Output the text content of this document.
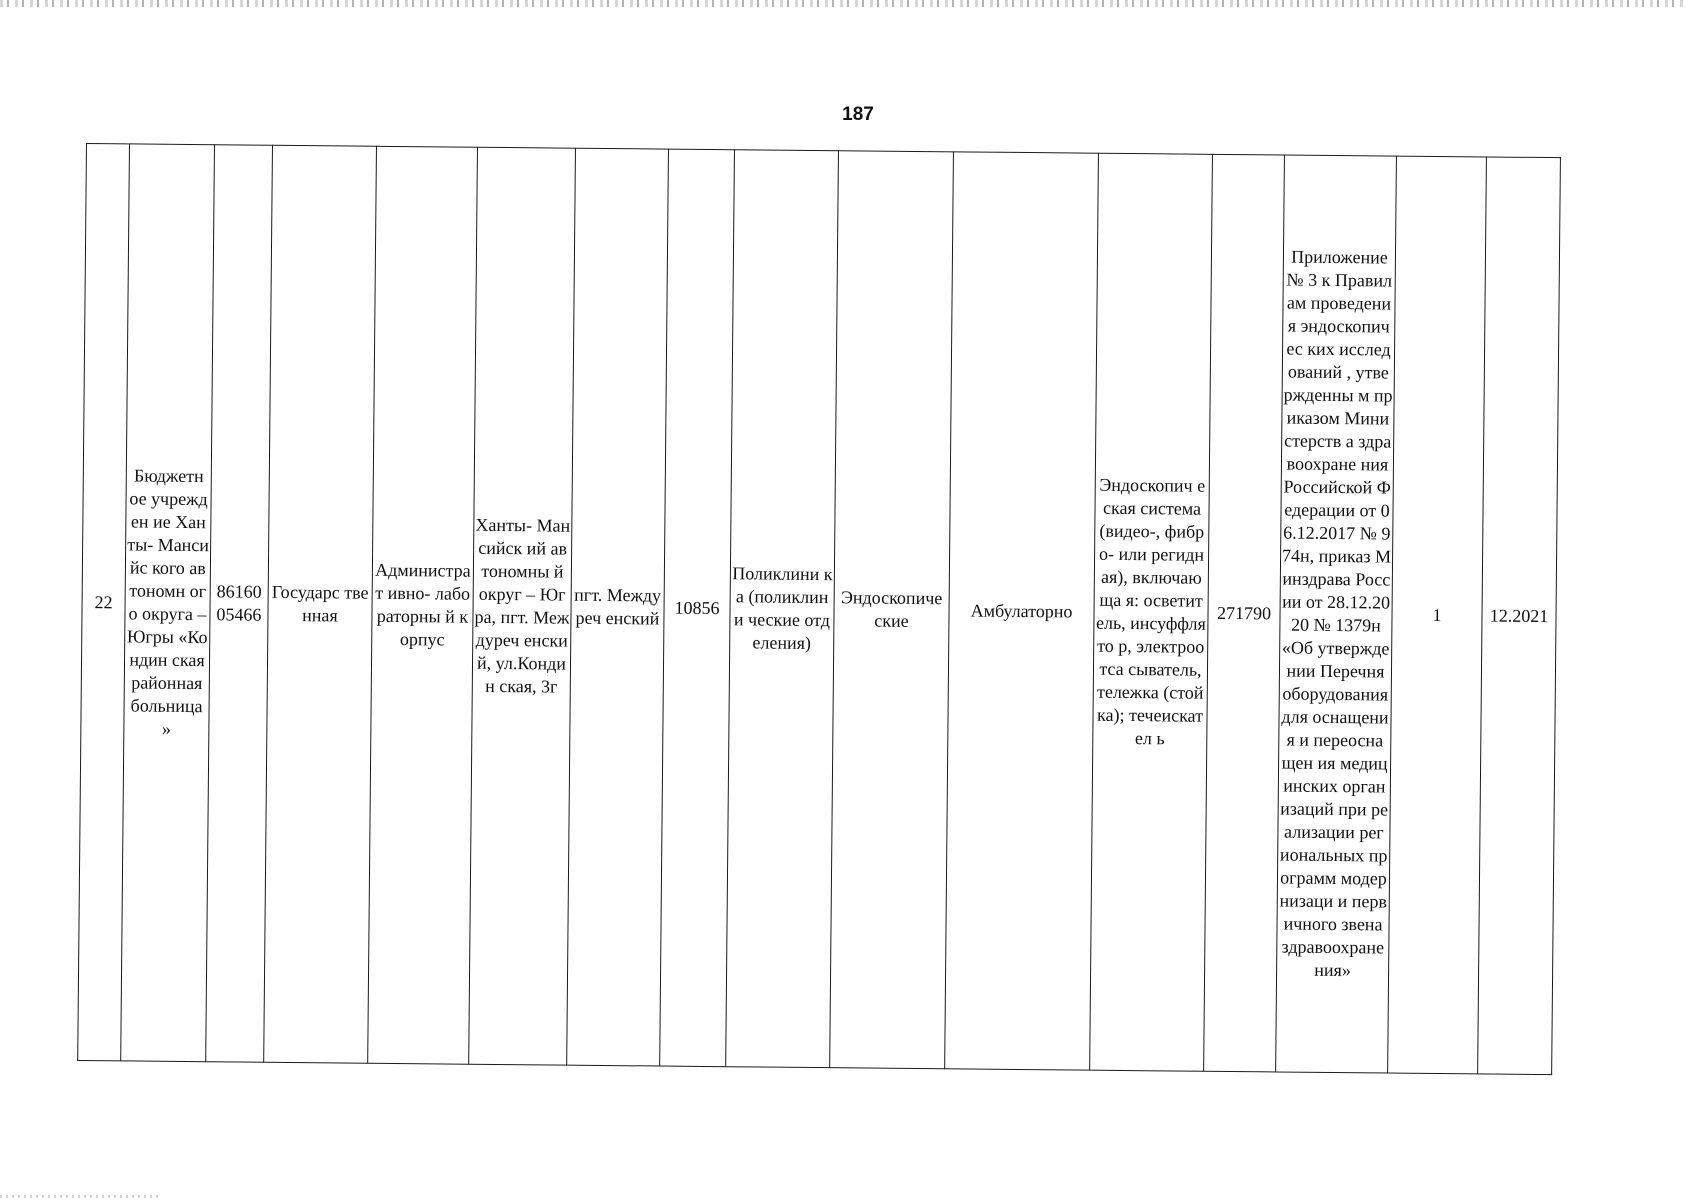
187
22	Бюджетн ое учрежден ие Ханты- Мансийс кого автономн ого округа – Югры «Кондин ская районная больница »	86160 05466	Государс твенная	Администрат ивно- лабораторны й корпус	Ханты- Мансийск ий автономны й округ – Югра, пгт. Междуреч енский, ул.Кондин ская, 3г	пгт. Междуреч енский	10856	Поликлини ка (поликлини ческие отделения)	Эндоскопиче ские	Амбулаторно	Эндоскопич еская система (видео-, фибро- или регидная), включающа я: осветитель, инсуффлято р, электроотса сыватель, тележка (стойка); течеискател ь	271790	Приложение № 3 к Правилам проведения эндоскопичес ких исследований , утвержденны м приказом Министерств а здравоохране ния Российской Федерации от 06.12.2017 № 974н, приказ Минздрава России от 28.12.2020 № 1379н «Об утверждении Перечня оборудования для оснащения и переоснащен ия медицинских организаций при реализации региональных программ модернизаци и первичного звена здравоохране ния»	1	12.2021
